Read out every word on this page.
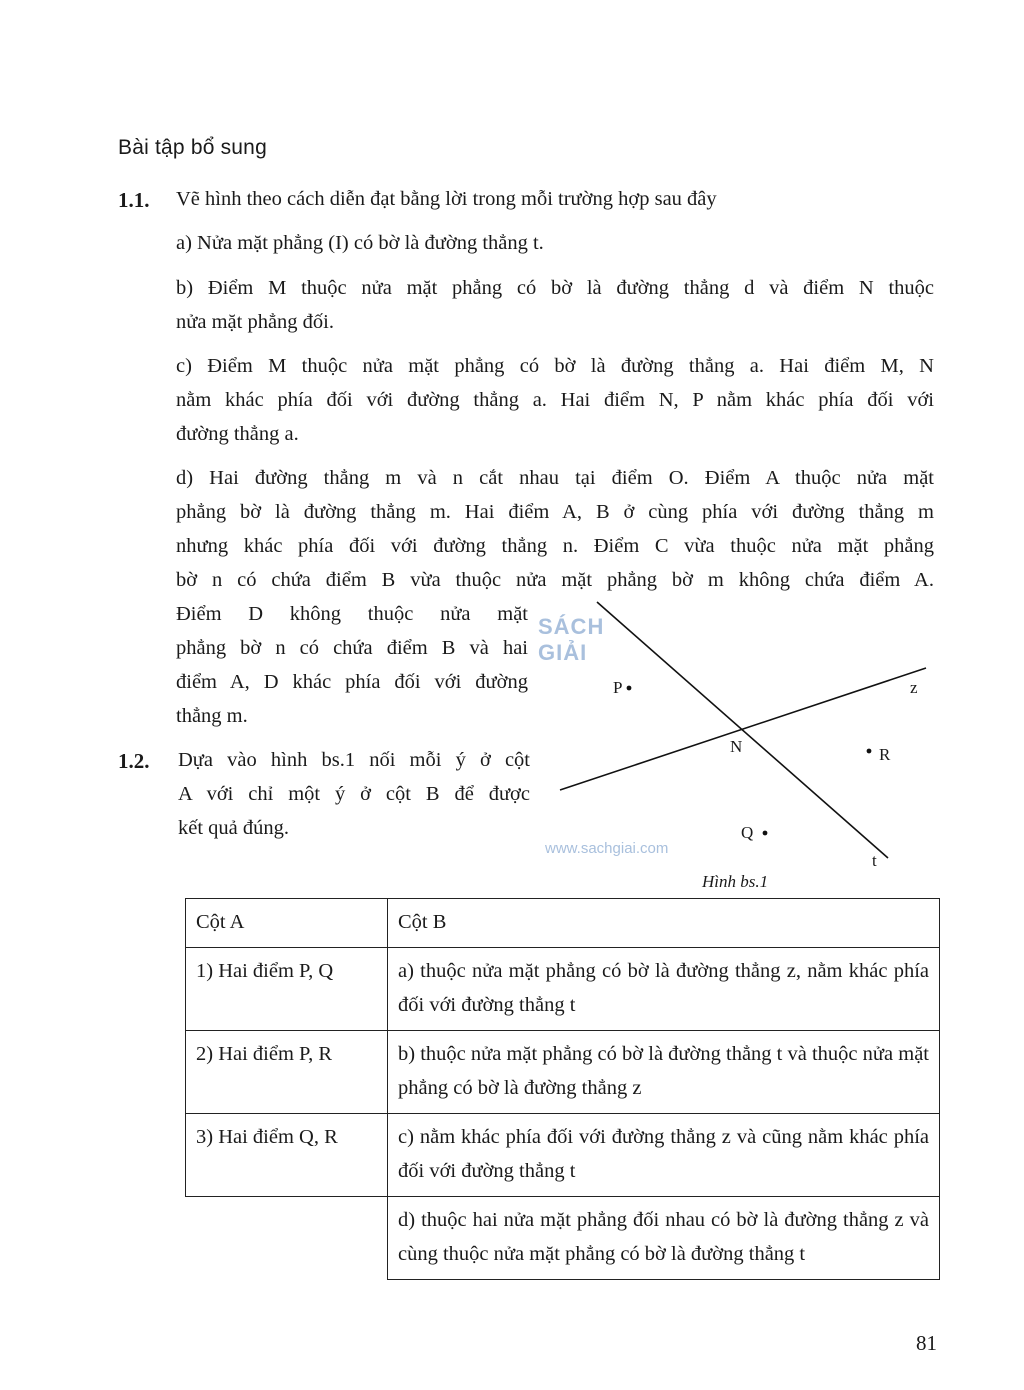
Bài tập bổ sung
1.1. Vẽ hình theo cách diễn đạt bằng lời trong mỗi trường hợp sau đây
a) Nửa mặt phẳng (I) có bờ là đường thẳng t.
b) Điểm M thuộc nửa mặt phẳng có bờ là đường thẳng d và điểm N thuộc
nửa mặt phẳng đối.
c) Điểm M thuộc nửa mặt phẳng có bờ là đường thẳng a. Hai điểm M, N
nằm khác phía đối với đường thẳng a. Hai điểm N, P nằm khác phía đối với
đường thẳng a.
d) Hai đường thẳng m và n cắt nhau tại điểm O. Điểm A thuộc nửa mặt
phẳng bờ là đường thẳng m. Hai điểm A, B ở cùng phía với đường thẳng m
nhưng khác phía đối với đường thẳng n. Điểm C vừa thuộc nửa mặt phẳng
bờ n có chứa điểm B vừa thuộc nửa mặt phẳng bờ m không chứa điểm A.
Điểm D không thuộc nửa mặt
phẳng bờ n có chứa điểm B và hai
điểm A, D khác phía đối với đường
thẳng m.
1.2. Dựa vào hình bs.1 nối mỗi ý ở cột
A với chỉ một ý ở cột B để được
kết quả đúng.
SÁCH
GIẢI
www.sachgiai.com
P
N	R
Q
z
t
Hình bs.1
Cột A	Cột B
1) Hai điểm P, Q	a) thuộc nửa mặt phẳng có bờ là đường thẳng z, nằm khác phía đối với đường thẳng t
2) Hai điểm P, R	b) thuộc nửa mặt phẳng có bờ là đường thẳng t và thuộc nửa mặt phẳng có bờ là đường thẳng z
3) Hai điểm Q, R	c) nằm khác phía đối với đường thẳng z và cũng nằm khác phía đối với đường thẳng t
	d) thuộc hai nửa mặt phẳng đối nhau có bờ là đường thẳng z và cùng thuộc nửa mặt phẳng có bờ là đường thẳng t
81
